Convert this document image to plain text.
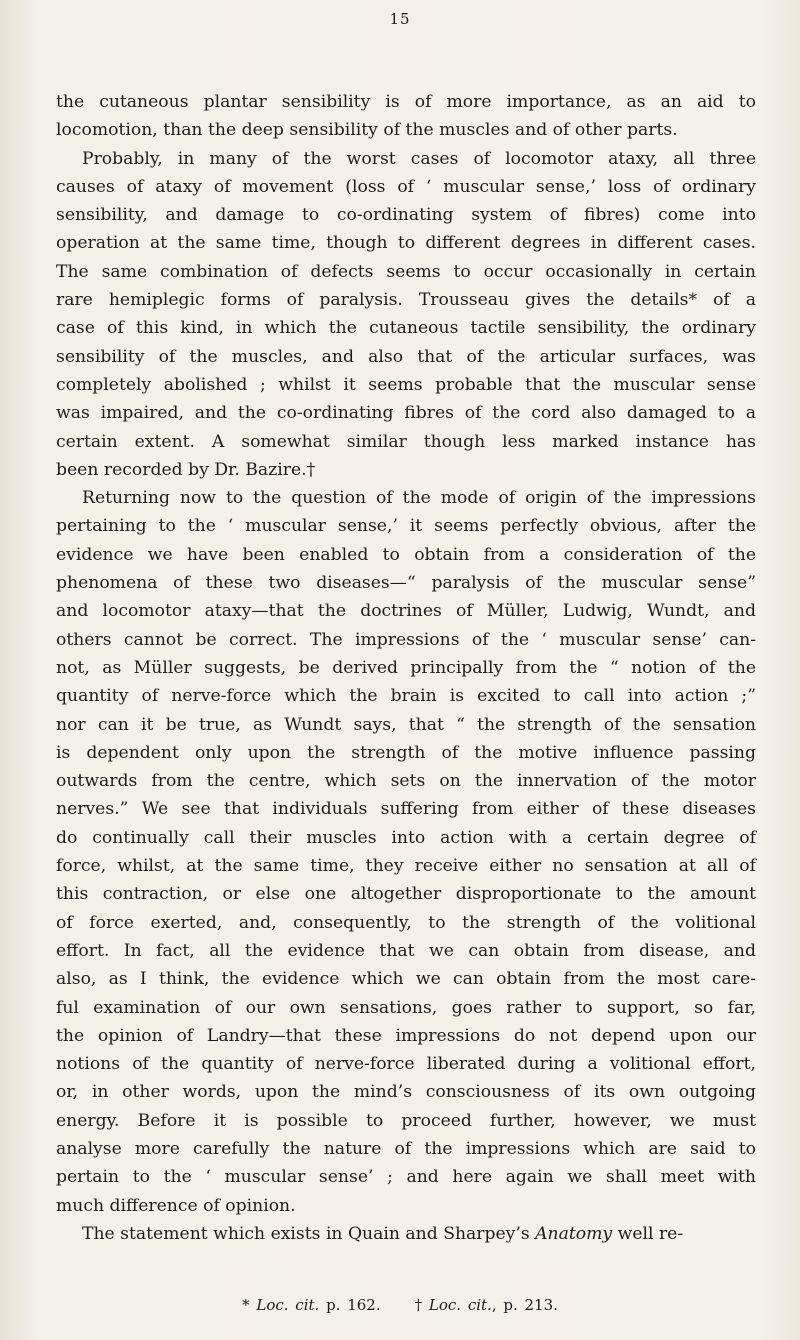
15
the cutaneous plantar sensibility is of more importance, as an aid to
locomotion, than the deep sensibility of the muscles and of other parts.
Probably, in many of the worst cases of locomotor ataxy, all three
causes of ataxy of movement (loss of ‘ muscular sense,’ loss of ordinary
sensibility, and damage to co-ordinating system of fibres) come into
operation at the same time, though to different degrees in different cases.
The same combination of defects seems to occur occasionally in certain
rare hemiplegic forms of paralysis. Trousseau gives the details* of a
case of this kind, in which the cutaneous tactile sensibility, the ordinary
sensibility of the muscles, and also that of the articular surfaces, was
completely abolished ; whilst it seems probable that the muscular sense
was impaired, and the co-ordinating fibres of the cord also damaged to a
certain extent. A somewhat similar though less marked instance has
been recorded by Dr. Bazire.†
Returning now to the question of the mode of origin of the impressions
pertaining to the ‘ muscular sense,’ it seems perfectly obvious, after the
evidence we have been enabled to obtain from a consideration of the
phenomena of these two diseases—“ paralysis of the muscular sense”
and locomotor ataxy—that the doctrines of Müller, Ludwig, Wundt, and
others cannot be correct. The impressions of the ‘ muscular sense’ can-
not, as Müller suggests, be derived principally from the “ notion of the
quantity of nerve-force which the brain is excited to call into action ;”
nor can it be true, as Wundt says, that “ the strength of the sensation
is dependent only upon the strength of the motive influence passing
outwards from the centre, which sets on the innervation of the motor
nerves.” We see that individuals suffering from either of these diseases
do continually call their muscles into action with a certain degree of
force, whilst, at the same time, they receive either no sensation at all of
this contraction, or else one altogether disproportionate to the amount
of force exerted, and, consequently, to the strength of the volitional
effort. In fact, all the evidence that we can obtain from disease, and
also, as I think, the evidence which we can obtain from the most care-
ful examination of our own sensations, goes rather to support, so far,
the opinion of Landry—that these impressions do not depend upon our
notions of the quantity of nerve-force liberated during a volitional effort,
or, in other words, upon the mind’s consciousness of its own outgoing
energy. Before it is possible to proceed further, however, we must
analyse more carefully the nature of the impressions which are said to
pertain to the ‘ muscular sense’ ; and here again we shall meet with
much difference of opinion.
The statement which exists in Quain and Sharpey’s Anatomy well re-
* Loc. cit. p. 162. † Loc. cit., p. 213.
